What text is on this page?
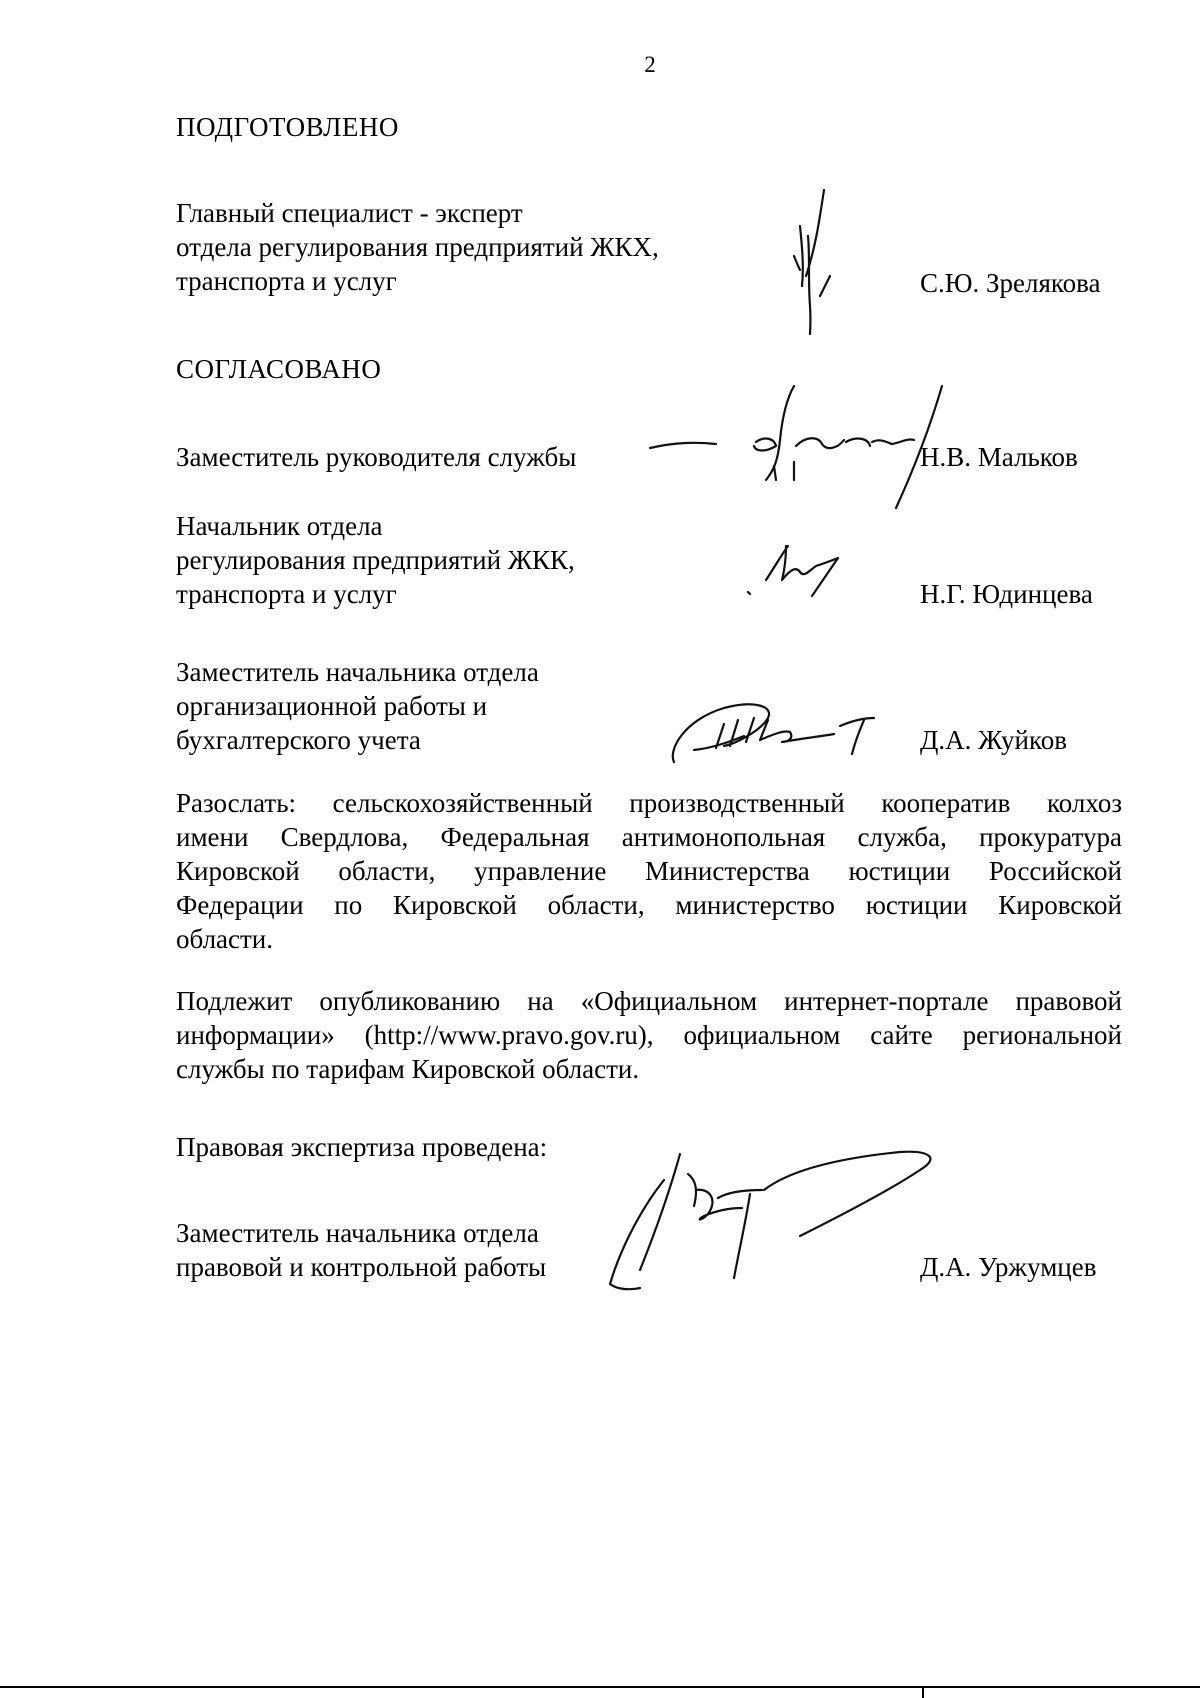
2
ПОДГОТОВЛЕНО
Главный специалист - эксперт
отдела регулирования предприятий ЖКХ,
транспорта и услуг	С.Ю. Зрелякова
СОГЛАСОВАНО
Заместитель руководителя службы	Н.В. Мальков
Начальник отдела
регулирования предприятий ЖКК,
транспорта и услуг	Н.Г. Юдинцева
Заместитель начальника отдела
организационной работы и
бухгалтерского учета	Д.А. Жуйков
Разослать: сельскохозяйственный производственный кооператив колхоз
имени Свердлова, Федеральная антимонопольная служба, прокуратура
Кировской области, управление Министерства юстиции Российской
Федерации по Кировской области, министерство юстиции Кировской
области.
Подлежит опубликованию на «Официальном интернет-портале правовой
информации» (http://www.pravo.gov.ru), официальном сайте региональной
службы по тарифам Кировской области.
Правовая экспертиза проведена:
Заместитель начальника отдела
правовой и контрольной работы	Д.А. Уржумцев
